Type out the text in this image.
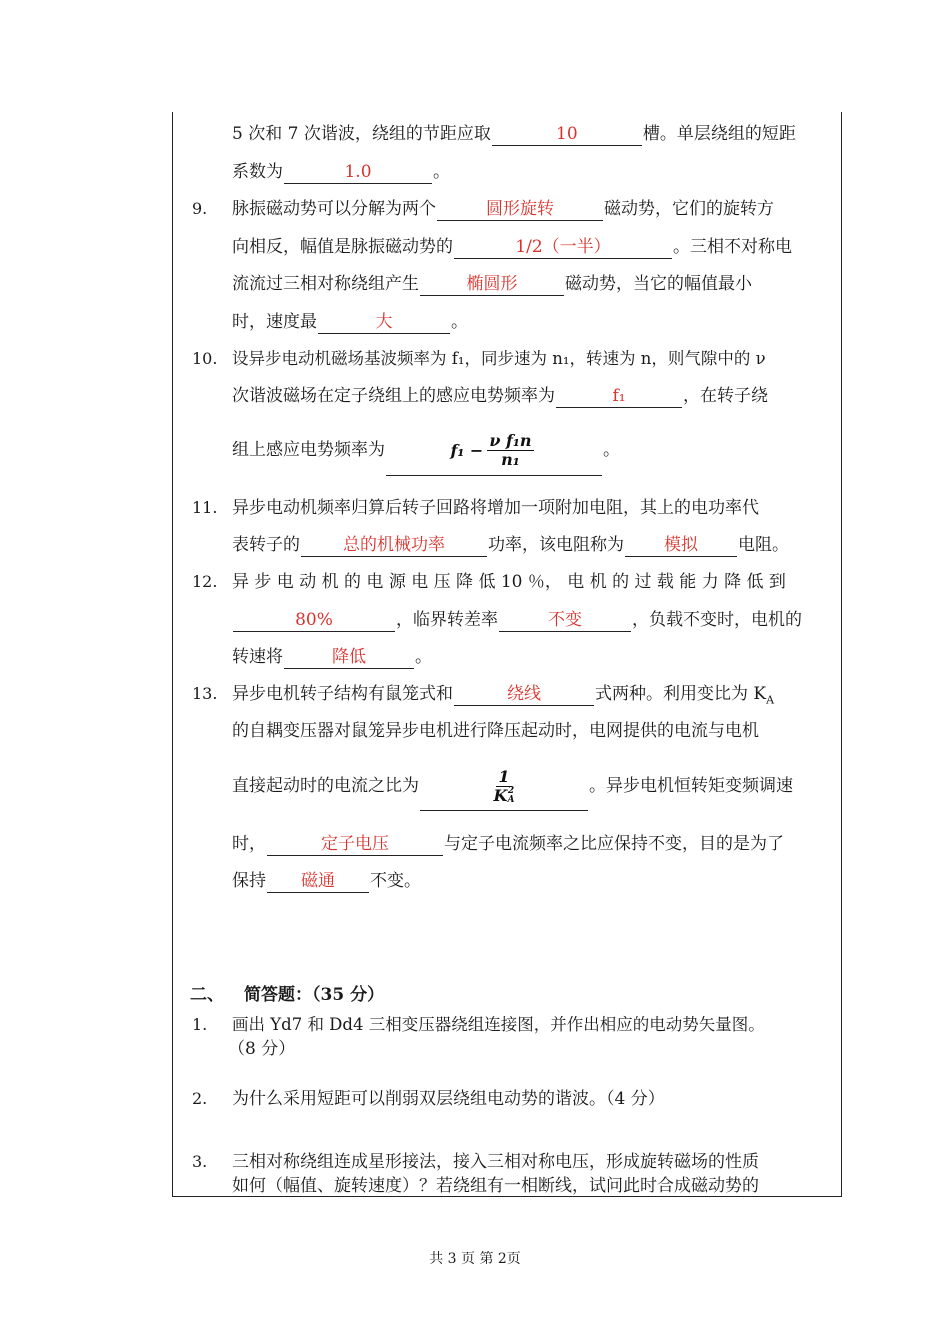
5 次和 7 次谐波，绕组的节距应取	10	槽。单层绕组的短距
系数为	1.0	。
9. 脉振磁动势可以分解为两个	圆形旋转	磁动势，它们的旋转方
向相反，幅值是脉振磁动势的	1/2（一半）	。三相不对称电
流流过三相对称绕组产生	椭圆形	磁动势，当它的幅值最小
时，速度最	大	。
10. 设异步电动机磁场基波频率为 f₁，同步速为 n₁，转速为 n，则气隙中的 ν
次谐波磁场在定子绕组上的感应电势频率为	f₁	，在转子绕
组上感应电势频率为	$f_1 - \frac{\text{ν f₁n}}{\text{n₁}}$	。
11. 异步电动机频率归算后转子回路将增加一项附加电阻，其上的电功率代
表转子的	总的机械功率	功率，该电阻称为 模拟 电阻。
12. 异 步 电 动 机 的 电 源 电 压 降 低 10 ％， 电 机 的 过 载 能 力 降 低 到
80%	，临界转差率	不变	，负载不变时，电机的
转速将	降低	。
13. 异步电机转子结构有鼠笼式和	绕线	式两种。利用变比为 $K_A$
的自耦变压器对鼠笼异步电机进行降压起动时，电网提供的电流与电机
直接起动时的电流之比为	1
K 2
A	。异步电机恒转矩变频调速
时，	定子电压	与定子电流频率之比应保持不变，目的是为了
保持 磁通 不变。
二、 简答题：（35 分）
1. 画出 Yd7 和 Dd4 三相变压器绕组连接图，并作出相应的电动势矢量图。
（8 分）
2. 为什么采用短距可以削弱双层绕组电动势的谐波。（4 分）
3. 三相对称绕组连成星形接法，接入三相对称电压，形成旋转磁场的性质
如何（幅值、旋转速度）？若绕组有一相断线，试问此时合成磁动势的
共 3 页 第 2页
